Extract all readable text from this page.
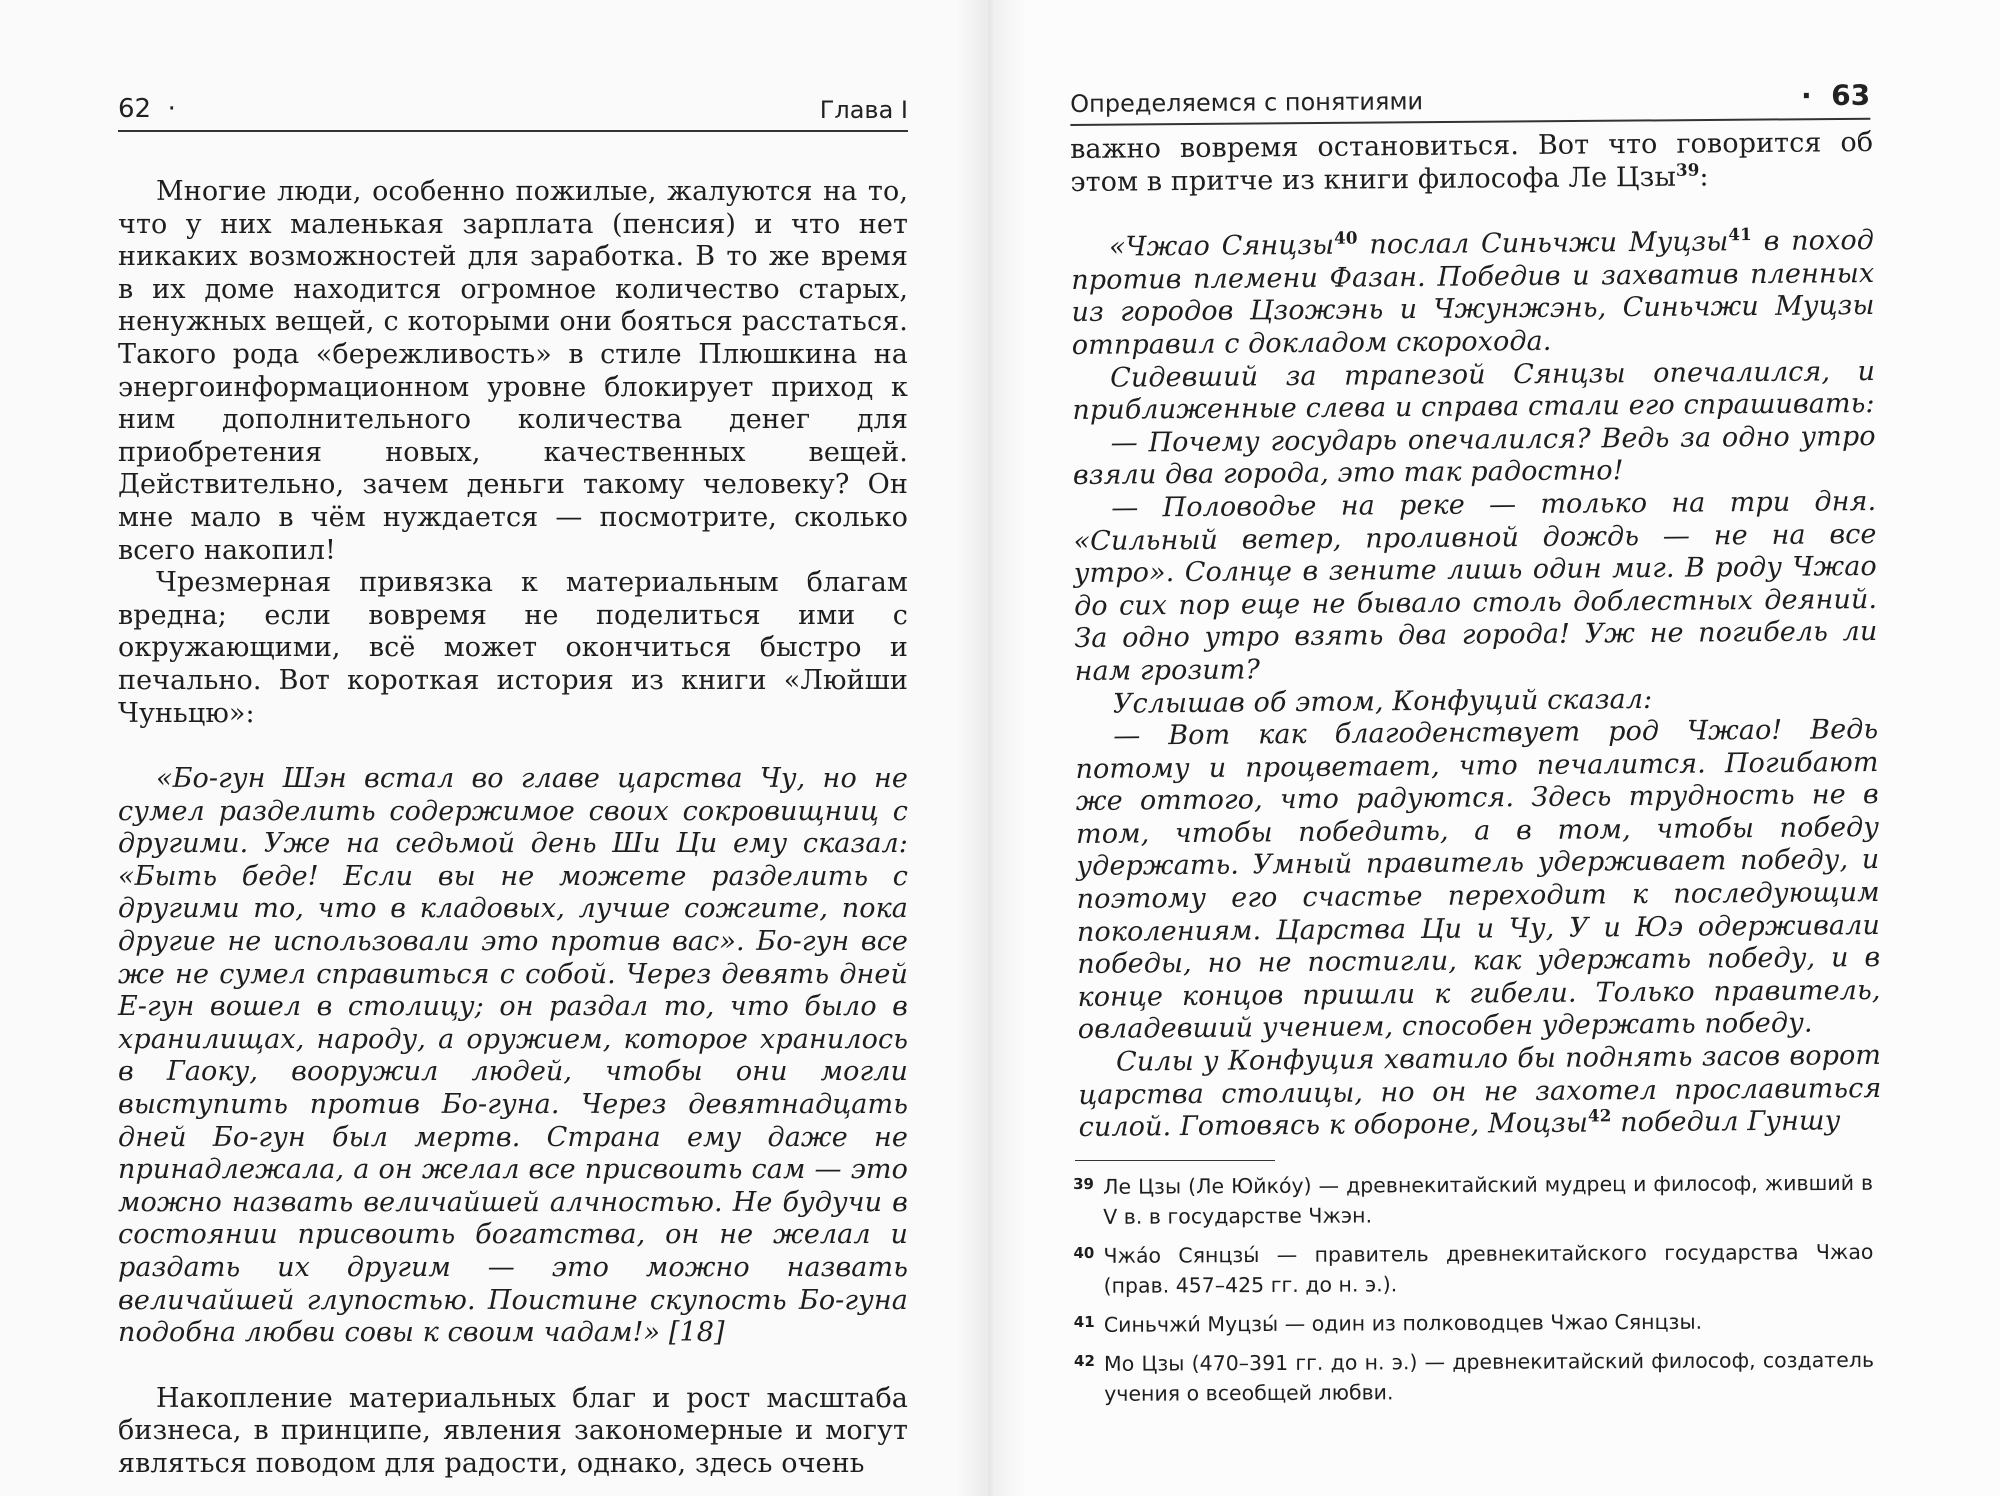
62 ·	Глава I

Многие люди, особенно пожилые, жалуются на то, что у них маленькая зарплата (пенсия) и что нет никаких возможностей для заработка. В то же время в их доме находится огромное количество старых, ненужных вещей, с которыми они бояться расстаться. Такого рода «бережливость» в стиле Плюшкина на энергоинформационном уровне блокирует приход к ним дополнительного количества денег для приобретения новых, качественных вещей. Действительно, зачем деньги такому человеку? Он мне мало в чём нуждается — посмотрите, сколько всего накопил!

Чрезмерная привязка к материальным благам вредна; если вовремя не поделиться ими с окружающими, всё может окончиться быстро и печально. Вот короткая история из книги «Люйши Чуньцю»:

«Бо-гун Шэн встал во главе царства Чу, но не сумел разделить содержимое своих сокровищниц с другими. Уже на седьмой день Ши Ци ему сказал: «Быть беде! Если вы не можете разделить с другими то, что в кладовых, лучше сожгите, пока другие не использовали это против вас». Бо-гун все же не сумел справиться с собой. Через девять дней Е-гун вошел в столицу; он раздал то, что было в хранилищах, народу, а оружием, которое хранилось в Гаоку, вооружил людей, чтобы они могли выступить против Бо-гуна. Через девятнадцать дней Бо-гун был мертв. Страна ему даже не принадлежала, а он желал все присвоить сам — это можно назвать величайшей алчностью. Не будучи в состоянии присвоить богатства, он не желал и раздать их другим — это можно назвать величайшей глупостью. Поистине скупость Бо-гуна подобна любви совы к своим чадам!» [18]

Накопление материальных благ и рост масштаба бизнеса, в принципе, явления закономерные и могут являться поводом для радости, однако, здесь очень

Определяемся с понятиями	· 63

важно вовремя остановиться. Вот что говорится об этом в притче из книги философа Ле Цзы$^{39}$:

«Чжао Сянцзы$^{40}$ послал Синьчжи Муцзы$^{41}$ в поход против племени Фазан. Победив и захватив пленных из городов Цзожэнь и Чжунжэнь, Синьчжи Муцзы отправил с докладом скорохода.

Сидевший за трапезой Сянцзы опечалился, и приближенные слева и справа стали его спрашивать:

— Почему государь опечалился? Ведь за одно утро взяли два города, это так радостно!

— Половодье на реке — только на три дня. «Сильный ветер, проливной дождь — не на все утро». Солнце в зените лишь один миг. В роду Чжао до сих пор еще не бывало столь доблестных деяний. За одно утро взять два города! Уж не погибель ли нам грозит?

Услышав об этом, Конфуций сказал:

— Вот как благоденствует род Чжао! Ведь потому и процветает, что печалится. Погибают же оттого, что радуются. Здесь трудность не в том, чтобы победить, а в том, чтобы победу удержать. Умный правитель удерживает победу, и поэтому его счастье переходит к последующим поколениям. Царства Ци и Чу, У и Юэ одерживали победы, но не постигли, как удержать победу, и в конце концов пришли к гибели. Только правитель, овладевший учением, способен удержать победу.

Силы у Конфуция хватило бы поднять засов ворот царства столицы, но он не захотел прославиться силой. Готовясь к обороне, Моцзы$^{42}$ победил Гуншу

39 Ле Цзы (Ле Юйкóу) — древнекитайский мудрец и философ, живший в V в. в государстве Чжэн.
40 Чжáо Сянцзы́ — правитель древнекитайского государства Чжао (прав. 457–425 гг. до н. э.).
41 Синьчжи́ Муцзы́ — один из полководцев Чжао Сянцзы.
42 Мо Цзы (470–391 гг. до н. э.) — древнекитайский философ, создатель учения о всеобщей любви.
